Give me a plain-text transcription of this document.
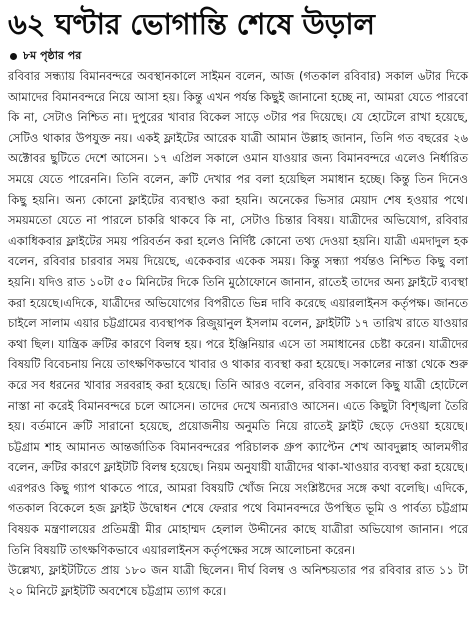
৬২ ঘণ্টার ভোগান্তি শেষে উড়াল
৮ম পৃষ্ঠার পর

রবিবার সন্ধ্যায় বিমানবন্দরে অবস্থানকালে সাইমন বলেন, আজ (গতকাল রবিবার) সকাল ৬টার দিকে আমাদের বিমানবন্দরে নিয়ে আসা হয়। কিন্তু এখন পর্যন্ত কিছুই জানানো হচ্ছে না, আমরা যেতে পারবো কি না, সেটাও নিশ্চিত না। দুপুরের খাবার বিকেল সাড়ে ৩টার পর দিয়েছে। যে হোটেলে রাখা হয়েছে, সেটিও থাকার উপযুক্ত নয়। একই ফ্লাইটের আরেক যাত্রী আমান উল্লাহ জানান, তিনি গত বছরের ২৬ অক্টোবর ছুটিতে দেশে আসেন। ১৭ এপ্রিল সকালে ওমান যাওয়ার জন্য বিমানবন্দরে এলেও নির্ধারিত সময়ে যেতে পারেননি। তিনি বলেন, ক্রটি দেখার পর বলা হয়েছিল সমাধান হচ্ছে। কিন্তু তিন দিনেও কিছু হয়নি। অন্য কোনো ফ্লাইটের ব্যবস্থাও করা হয়নি। অনেকের ভিসার মেয়াদ শেষ হওয়ার পথে। সময়মতো যেতে না পারলে চাকরি থাকবে কি না, সেটাও চিন্তার বিষয়। যাত্রীদের অভিযোগ, রবিবার একাধিকবার ফ্লাইটের সময় পরিবর্তন করা হলেও নির্দিষ্ট কোনো তথ্য দেওয়া হয়নি। যাত্রী এমদাদুল হক বলেন, রবিবার চারবার সময় দিয়েছে, একেকবার একেক সময়। কিন্তু সন্ধ্যা পর্যন্তও নিশ্চিত কিছু বলা হয়নি। যদিও রাত ১০টা ৫০ মিনিটের দিকে তিনি মুঠোফোনে জানান, রাতেই তাদের অন্য ফ্লাইটে ব্যবস্থা করা হয়েছে।এদিকে, যাত্রীদের অভিযোগের বিপরীতে ভিন্ন দাবি করেছে এয়ারলাইনস কর্তৃপক্ষ। জানতে চাইলে সালাম এয়ার চট্টগ্রামের ব্যবস্থাপক রিজুয়ানুল ইসলাম বলেন, ফ্লাইটটি ১৭ তারিখ রাতে যাওয়ার কথা ছিল। যান্ত্রিক ক্রটির কারণে বিলম্ব হয়। পরে ইঞ্জিনিয়ার এসে তা সমাধানের চেষ্টা করেন। যাত্রীদের বিষয়টি বিবেচনায় নিয়ে তাৎক্ষণিকভাবে খাবার ও থাকার ব্যবস্থা করা হয়েছে। সকালের নাস্তা থেকে শুরু করে সব ধরনের খাবার সরবরাহ করা হয়েছে। তিনি আরও বলেন, রবিবার সকালে কিছু যাত্রী হোটেলে নাস্তা না করেই বিমানবন্দরে চলে আসেন। তাদের দেখে অন্যরাও আসেন। এতে কিছুটা বিশৃঙ্খলা তৈরি হয়। বর্তমানে ক্রটি সারানো হয়েছে, প্রয়োজনীয় অনুমতি নিয়ে রাতেই ফ্লাইট ছেড়ে দেওয়া হয়েছে। চট্টগ্রাম শাহ আমানত আন্তর্জাতিক বিমানবন্দরের পরিচালক গ্রুপ ক্যাপ্টেন শেখ আবদুল্লাহ আলমগীর বলেন, ক্রটির কারণে ফ্লাইটটি বিলম্ব হয়েছে। নিয়ম অনুযায়ী যাত্রীদের থাকা-খাওয়ার ব্যবস্থা করা হয়েছে। এরপরও কিছু গ্যাপ থাকতে পারে, আমরা বিষয়টি খোঁজ নিয়ে সংশ্লিষ্টদের সঙ্গে কথা বলেছি। এদিকে, গতকাল বিকেলে হজ ফ্লাইট উদ্বোধন শেষে ফেরার পথে বিমানবন্দরে উপস্থিত ভূমি ও পার্বত্য চট্টগ্রাম বিষয়ক মন্ত্রণালয়ের প্রতিমন্ত্রী মীর মোহাম্মদ হেলাল উদ্দীনের কাছে যাত্রীরা অভিযোগ জানান। পরে তিনি বিষয়টি তাৎক্ষণিকভাবে এয়ারলাইনস কর্তৃপক্ষের সঙ্গে আলোচনা করেন।

উল্লেখ্য, ফ্লাইটটিতে প্রায় ১৮০ জন যাত্রী ছিলেন। দীর্ঘ বিলম্ব ও অনিশ্চয়তার পর রবিবার রাত ১১ টা ২০ মিনিটে ফ্লাইটটি অবশেষে চট্টগ্রাম ত্যাগ করে।
